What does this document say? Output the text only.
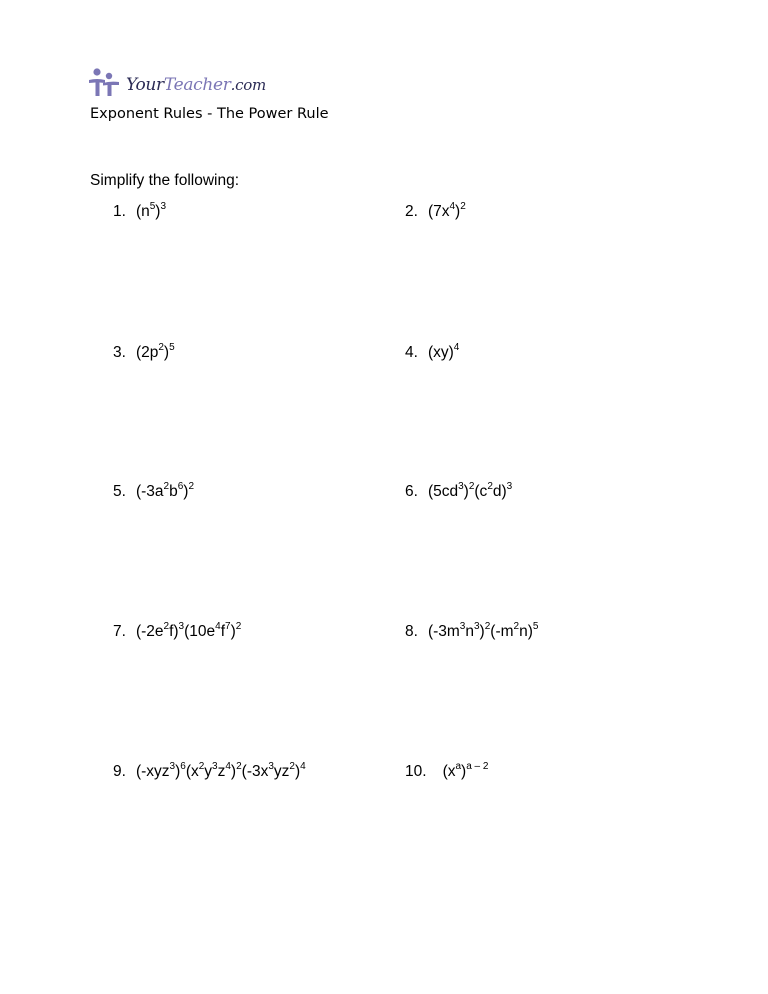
YourTeacher.com
Exponent Rules - The Power Rule
Simplify the following:
1. $(n^5)^3$	2. $(7x^4)^2$
3. $(2p^2)^5$	4. (xy)$^4$
5. $(-3a^2b^6)^2$	6. $(5cd^3)^2(c^2d)^3$
7. $(-2e^2f)^3(10e^4f^7)^2$	8. $(-3m^3n^3)^2(-m^2n)^5$
9. $(-xyz^3)^6(x^2y^3z^4)^2(-3x^3yz^2)^4$	10. $(x^a)^{a - 2}$
